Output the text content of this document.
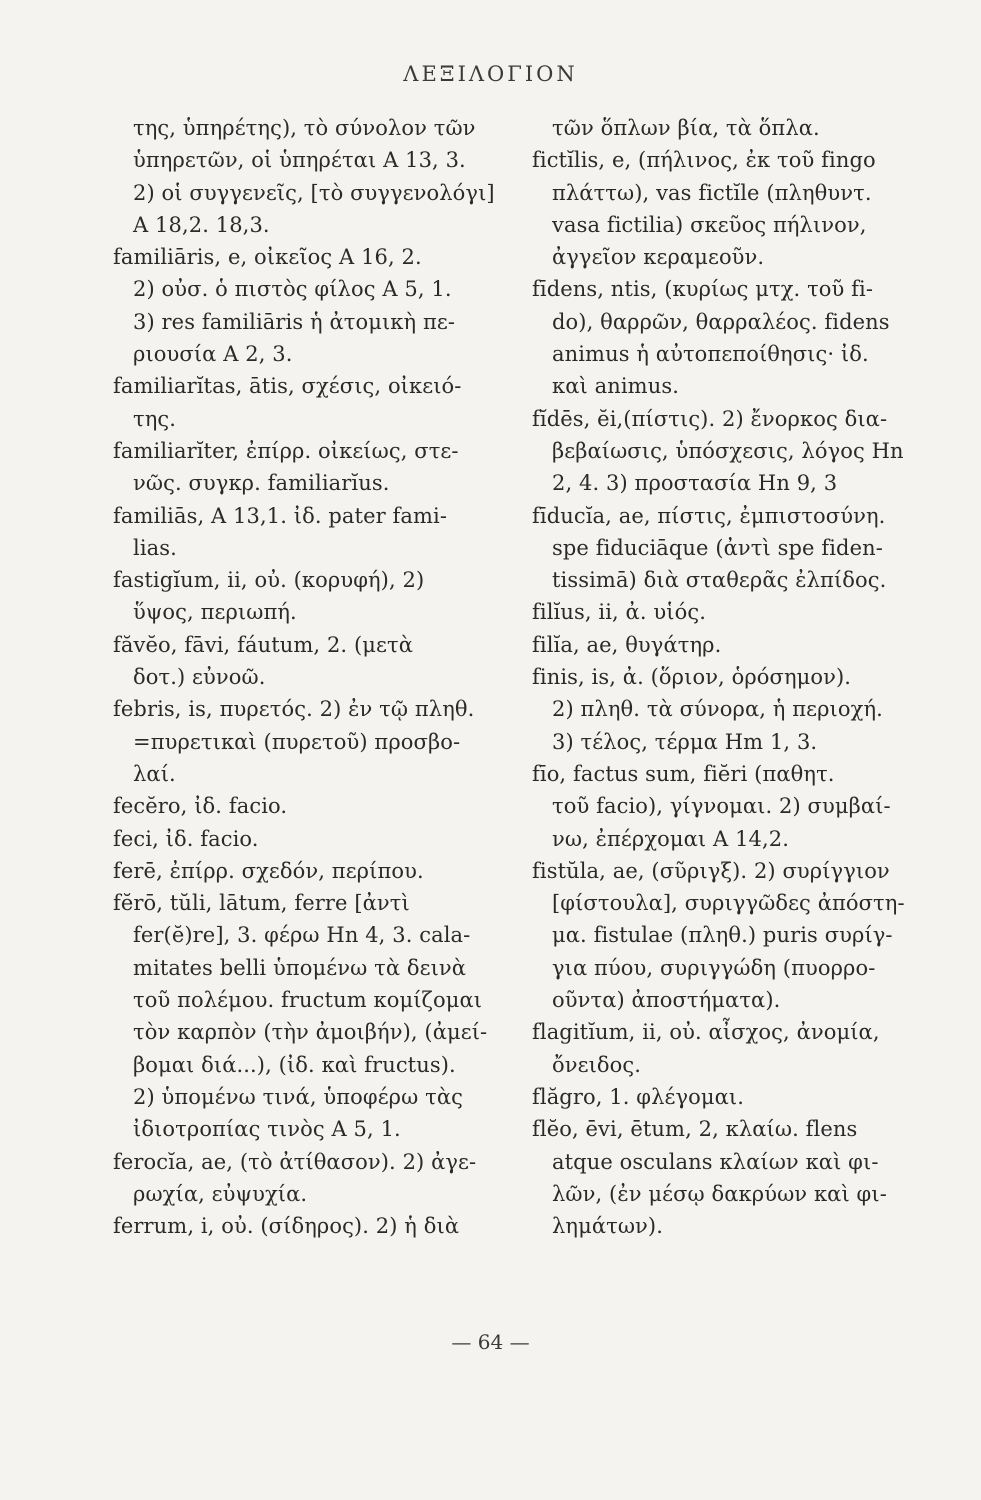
ΛΕΞΙΛΟΓΙΟΝ
της, ὑπηρέτης), τὸ σύνολον τῶν
ὑπηρετῶν, οἱ ὑπηρέται Α 13, 3.
2) οἱ συγγενεῖς, [τὸ συγγενολόγι]
Α 18,2. 18,3.
familiāris, e, οἰκεῖος Α 16, 2.
2) οὐσ. ὁ πιστὸς φίλος Α 5, 1.
3) res familiāris ἡ ἀτομικὴ πε-
ριουσία Α 2, 3.
familiarĭtas, ātis, σχέσις, οἰκειό-
της.
familiarĭter, ἐπίρρ. οἰκείως, στε-
νῶς. συγκρ. familiarĭus.
familiās, Α 13,1. ἰδ. pater fami-
lias.
fastigĭum, ii, οὐ. (κορυφή), 2)
ὕψος, περιωπή.
făvĕo, fāvi, fáutum, 2. (μετὰ
δοτ.) εὐνοῶ.
febris, is, πυρετός. 2) ἐν τῷ πληθ.
=πυρετικαὶ (πυρετοῦ) προσβο-
λαί.
fecĕro, ἰδ. facio.
feci, ἰδ. facio.
ferē, ἐπίρρ. σχεδόν, περίπου.
fĕrō, tŭli, lātum, ferre [ἀντὶ
fer(ĕ)re], 3. φέρω Ηn 4, 3. cala-
mitates belli ὑπομένω τὰ δεινὰ
τοῦ πολέμου. fructum κομίζομαι
τὸν καρπὸν (τὴν ἀμοιβήν), (ἀμεί-
βομαι διά...), (ἰδ. καὶ fructus).
2) ὑπομένω τινά, ὑποφέρω τὰς
ἰδιοτροπίας τινὸς Α 5, 1.
ferocĭa, ae, (τὸ ἀτίθασον). 2) ἀγε-
ρωχία, εὐψυχία.
ferrum, i, οὐ. (σίδηρος). 2) ἡ διὰ
τῶν ὅπλων βία, τὰ ὅπλα.
fictĭlis, e, (πήλινος, ἐκ τοῦ fingo
πλάττω), vas fictĭle (πληθυντ.
vasa fictilia) σκεῦος πήλινον,
ἀγγεῖον κεραμεοῦν.
fīdens, ntis, (κυρίως μτχ. τοῦ fi-
do), θαρρῶν, θαρραλέος. fidens
animus ἡ αὐτοπεποίθησις· ἰδ.
καὶ animus.
fĭdēs, ĕi,(πίστις). 2) ἔνορκος δια-
βεβαίωσις, ὑπόσχεσις, λόγος Ηn
2, 4. 3) προστασία Ηn 9, 3
fīducĭa, ae, πίστις, ἐμπιστοσύνη.
spe fiduciāque (ἀντὶ spe fiden-
tissimā) διὰ σταθερᾶς ἐλπίδος.
filĭus, ii, ἀ. υἱός.
filĭa, ae, θυγάτηρ.
finis, is, ἀ. (ὅριον, ὁρόσημον).
2) πληθ. τὰ σύνορα, ἡ περιοχή.
3) τέλος, τέρμα Ηm 1, 3.
fīo, factus sum, fiĕri (παθητ.
τοῦ facio), γίγνομαι. 2) συμβαί-
νω, ἐπέρχομαι Α 14,2.
fistŭla, ae, (σῦριγξ). 2) συρίγγιον
[φίστουλα], συριγγῶδες ἀπόστη-
μα. fistulae (πληθ.) puris συρίγ-
για πύου, συριγγώδη (πυορρο-
οῦντα) ἀποστήματα).
flagitĭum, ii, οὐ. αἶσχος, ἀνομία,
ὄνειδος.
flăgro, 1. φλέγομαι.
flĕo, ēvi, ētum, 2, κλαίω. flens
atque osculans κλαίων καὶ φι-
λῶν, (ἐν μέσῳ δακρύων καὶ φι-
λημάτων).
— 64 —
